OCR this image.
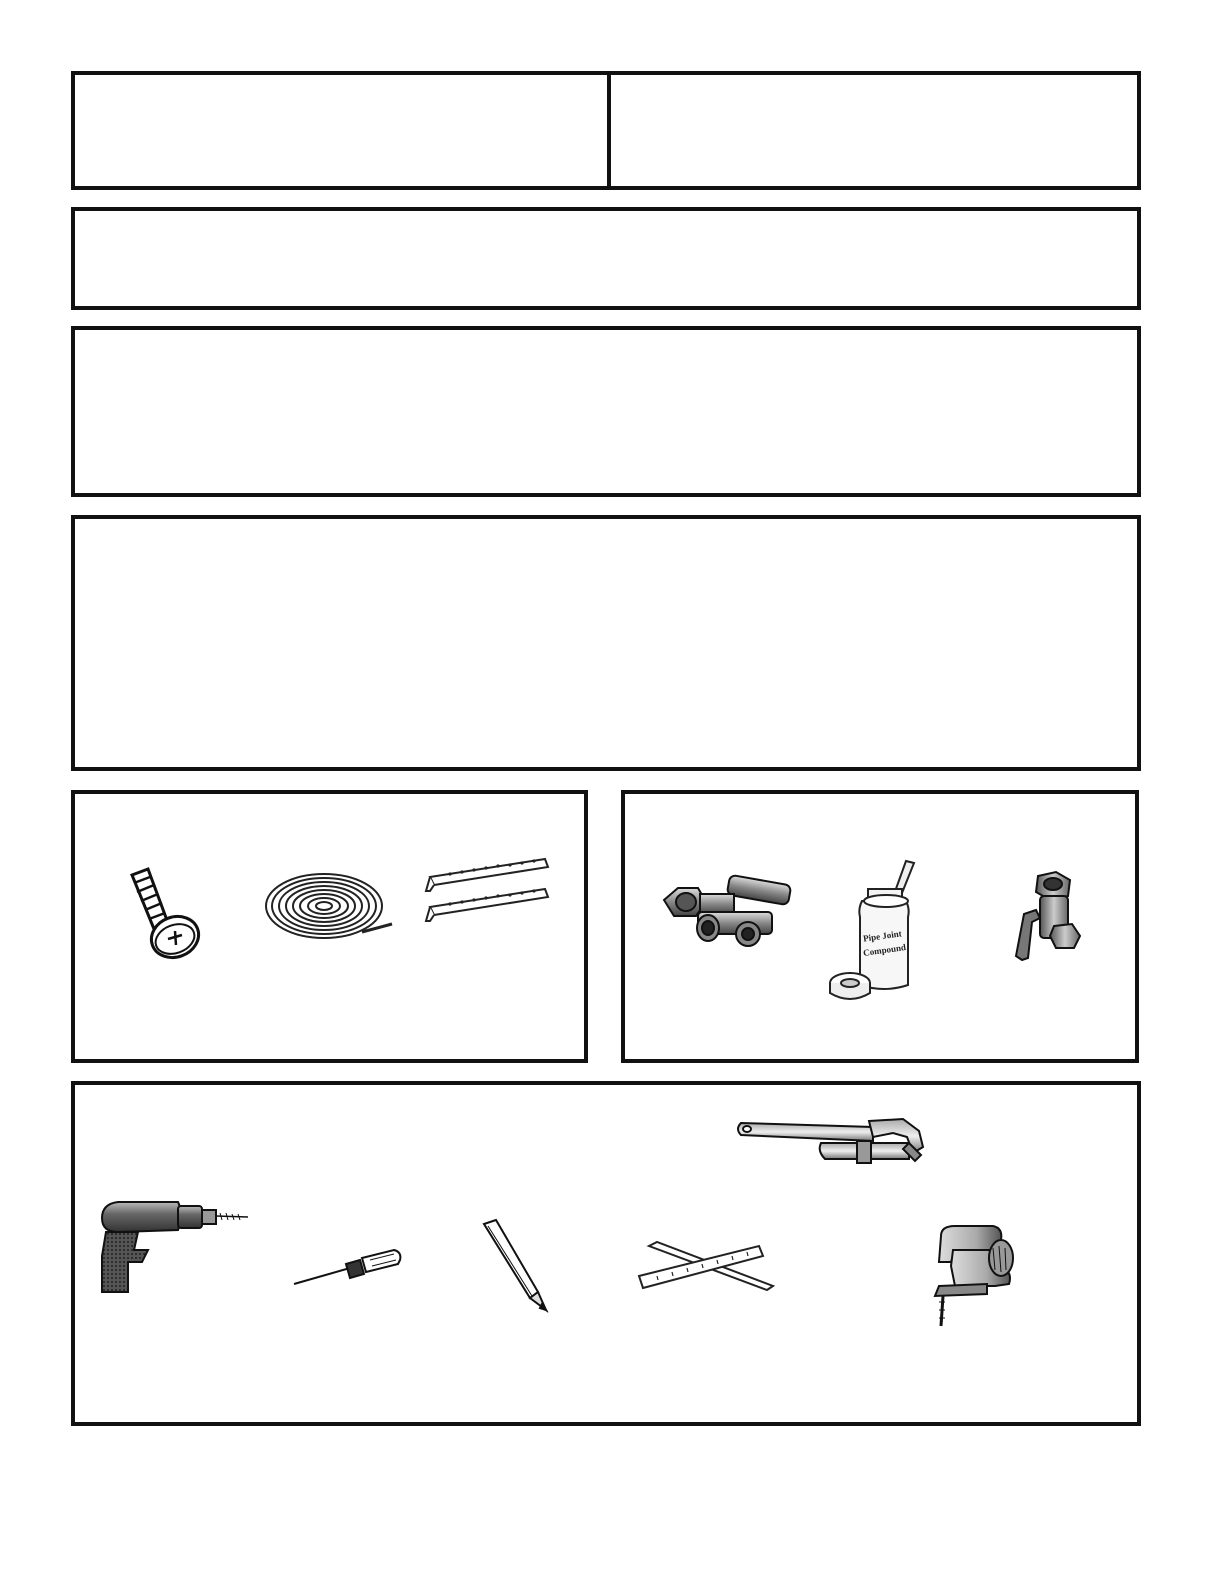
Pipe Joint
Compound
